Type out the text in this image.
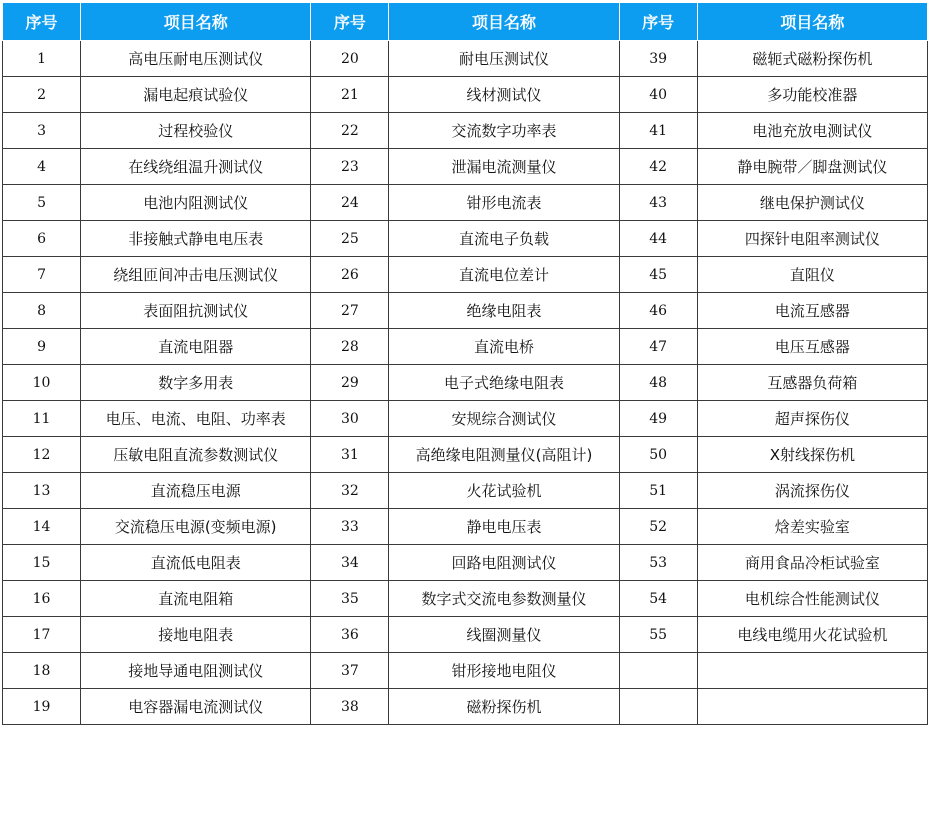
序号	项目名称	序号	项目名称	序号	项目名称
1	高电压耐电压测试仪	20	耐电压测试仪	39	磁轭式磁粉探伤机
2	漏电起痕试验仪	21	线材测试仪	40	多功能校准器
3	过程校验仪	22	交流数字功率表	41	电池充放电测试仪
4	在线绕组温升测试仪	23	泄漏电流测量仪	42	静电腕带／脚盘测试仪
5	电池内阻测试仪	24	钳形电流表	43	继电保护测试仪
6	非接触式静电电压表	25	直流电子负载	44	四探针电阻率测试仪
7	绕组匝间冲击电压测试仪	26	直流电位差计	45	直阻仪
8	表面阻抗测试仪	27	绝缘电阻表	46	电流互感器
9	直流电阻器	28	直流电桥	47	电压互感器
10	数字多用表	29	电子式绝缘电阻表	48	互感器负荷箱
11	电压、电流、电阻、功率表	30	安规综合测试仪	49	超声探伤仪
12	压敏电阻直流参数测试仪	31	高绝缘电阻测量仪(高阻计)	50	X射线探伤机
13	直流稳压电源	32	火花试验机	51	涡流探伤仪
14	交流稳压电源(变频电源)	33	静电电压表	52	焓差实验室
15	直流低电阻表	34	回路电阻测试仪	53	商用食品冷柜试验室
16	直流电阻箱	35	数字式交流电参数测量仪	54	电机综合性能测试仪
17	接地电阻表	36	线圈测量仪	55	电线电缆用火花试验机
18	接地导通电阻测试仪	37	钳形接地电阻仪		
19	电容器漏电流测试仪	38	磁粉探伤机		
